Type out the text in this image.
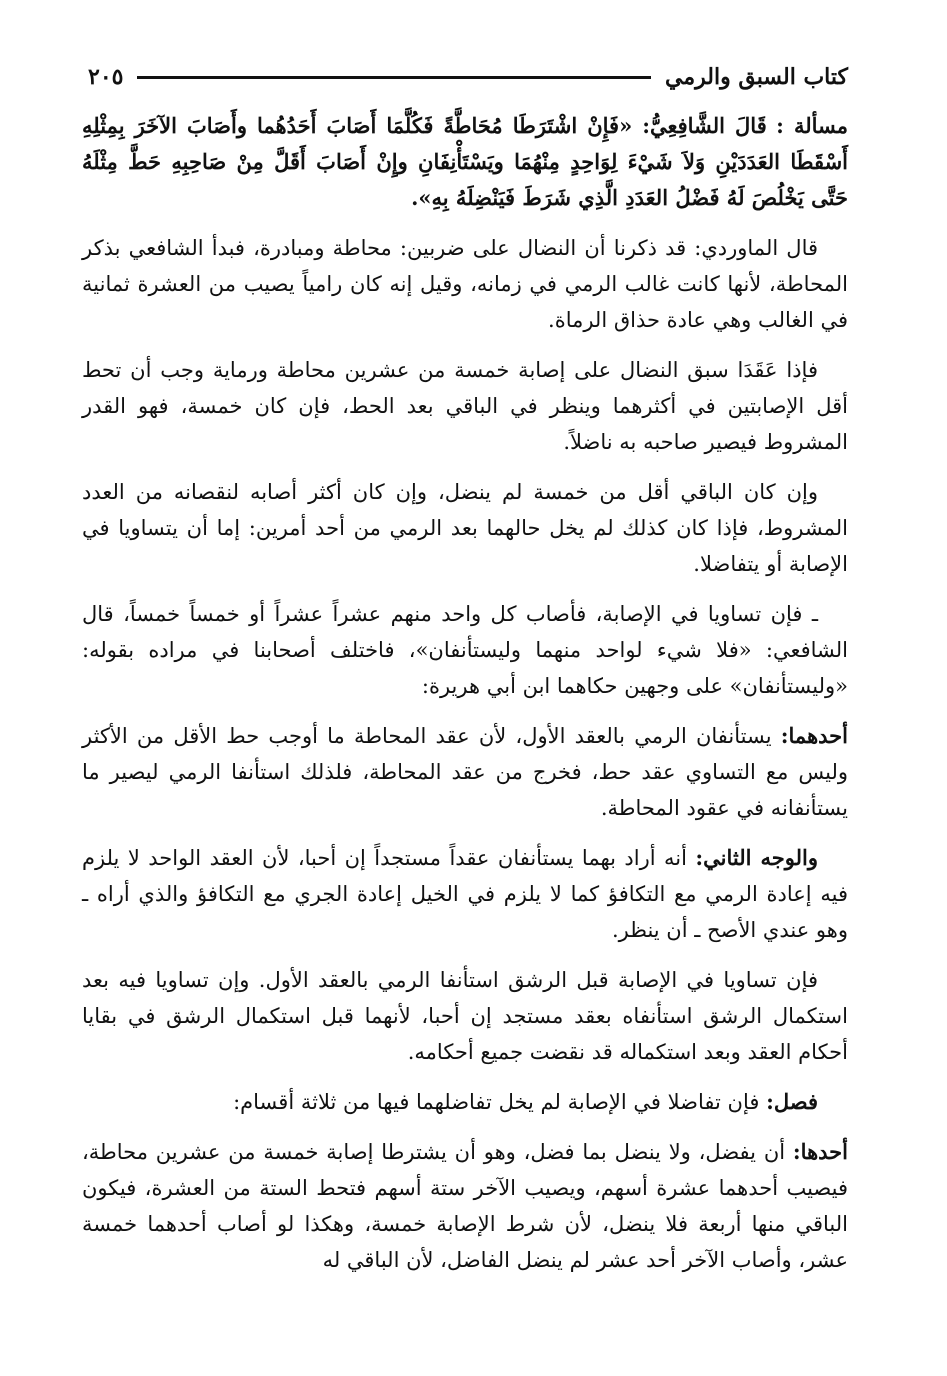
كتاب السبق والرمي
٢٠٥

مسألة : قَالَ الشَّافِعِيُّ: «فَإِنْ اشْتَرَطَا مُحَاطَّةً فَكُلَّمَا أَصَابَ أَحَدُهُما وأَصَابَ الآخَرَ بِمِثْلِهِ أَسْقَطَا العَدَدَيْنِ وَلاَ شَيْءَ لِوَاحِدٍ مِنْهُمَا ويَسْتَأْنِفَانِ وإِنْ أَصَابَ أَقَلَّ مِنْ صَاحِبِهِ حَطَّ مِثْلَهُ حَتَّى يَخْلُصَ لَهُ فَضْلُ العَدَدِ الَّذِي شَرَطَ فَيَنْضِلَهُ بِهِ».

قال الماوردي: قد ذكرنا أن النضال على ضربين: محاطة ومبادرة، فبدأ الشافعي بذكر المحاطة، لأنها كانت غالب الرمي في زمانه، وقيل إنه كان رامياً يصيب من العشرة ثمانية في الغالب وهي عادة حذاق الرماة.

فإذا عَقَدَا سبق النضال على إصابة خمسة من عشرين محاطة ورماية وجب أن تحط أقل الإصابتين في أكثرهما وينظر في الباقي بعد الحط، فإن كان خمسة، فهو القدر المشروط فيصير صاحبه به ناضلاً.

وإن كان الباقي أقل من خمسة لم ينضل، وإن كان أكثر أصابه لنقصانه من العدد المشروط، فإذا كان كذلك لم يخل حالهما بعد الرمي من أحد أمرين: إما أن يتساويا في الإصابة أو يتفاضلا.

ـ فإن تساويا في الإصابة، فأصاب كل واحد منهم عشراً عشراً أو خمساً خمساً، قال الشافعي: «فلا شيء لواحد منهما وليستأنفان»، فاختلف أصحابنا في مراده بقوله: «وليستأنفان» على وجهين حكاهما ابن أبي هريرة:

أحدهما: يستأنفان الرمي بالعقد الأول، لأن عقد المحاطة ما أوجب حط الأقل من الأكثر وليس مع التساوي عقد حط، فخرج من عقد المحاطة، فلذلك استأنفا الرمي ليصير ما يستأنفانه في عقود المحاطة.

والوجه الثاني: أنه أراد بهما يستأنفان عقداً مستجداً إن أحبا، لأن العقد الواحد لا يلزم فيه إعادة الرمي مع التكافؤ كما لا يلزم في الخيل إعادة الجري مع التكافؤ والذي أراه ـ وهو عندي الأصح ـ أن ينظر.

فإن تساويا في الإصابة قبل الرشق استأنفا الرمي بالعقد الأول. وإن تساويا فيه بعد استكمال الرشق استأنفاه بعقد مستجد إن أحبا، لأنهما قبل استكمال الرشق في بقايا أحكام العقد وبعد استكماله قد نقضت جميع أحكامه.

فصل: فإن تفاضلا في الإصابة لم يخل تفاضلهما فيها من ثلاثة أقسام:

أحدها: أن يفضل، ولا ينضل بما فضل، وهو أن يشترطا إصابة خمسة من عشرين محاطة، فيصيب أحدهما عشرة أسهم، ويصيب الآخر ستة أسهم فتحط الستة من العشرة، فيكون الباقي منها أربعة فلا ينضل، لأن شرط الإصابة خمسة، وهكذا لو أصاب أحدهما خمسة عشر، وأصاب الآخر أحد عشر لم ينضل الفاضل، لأن الباقي له
